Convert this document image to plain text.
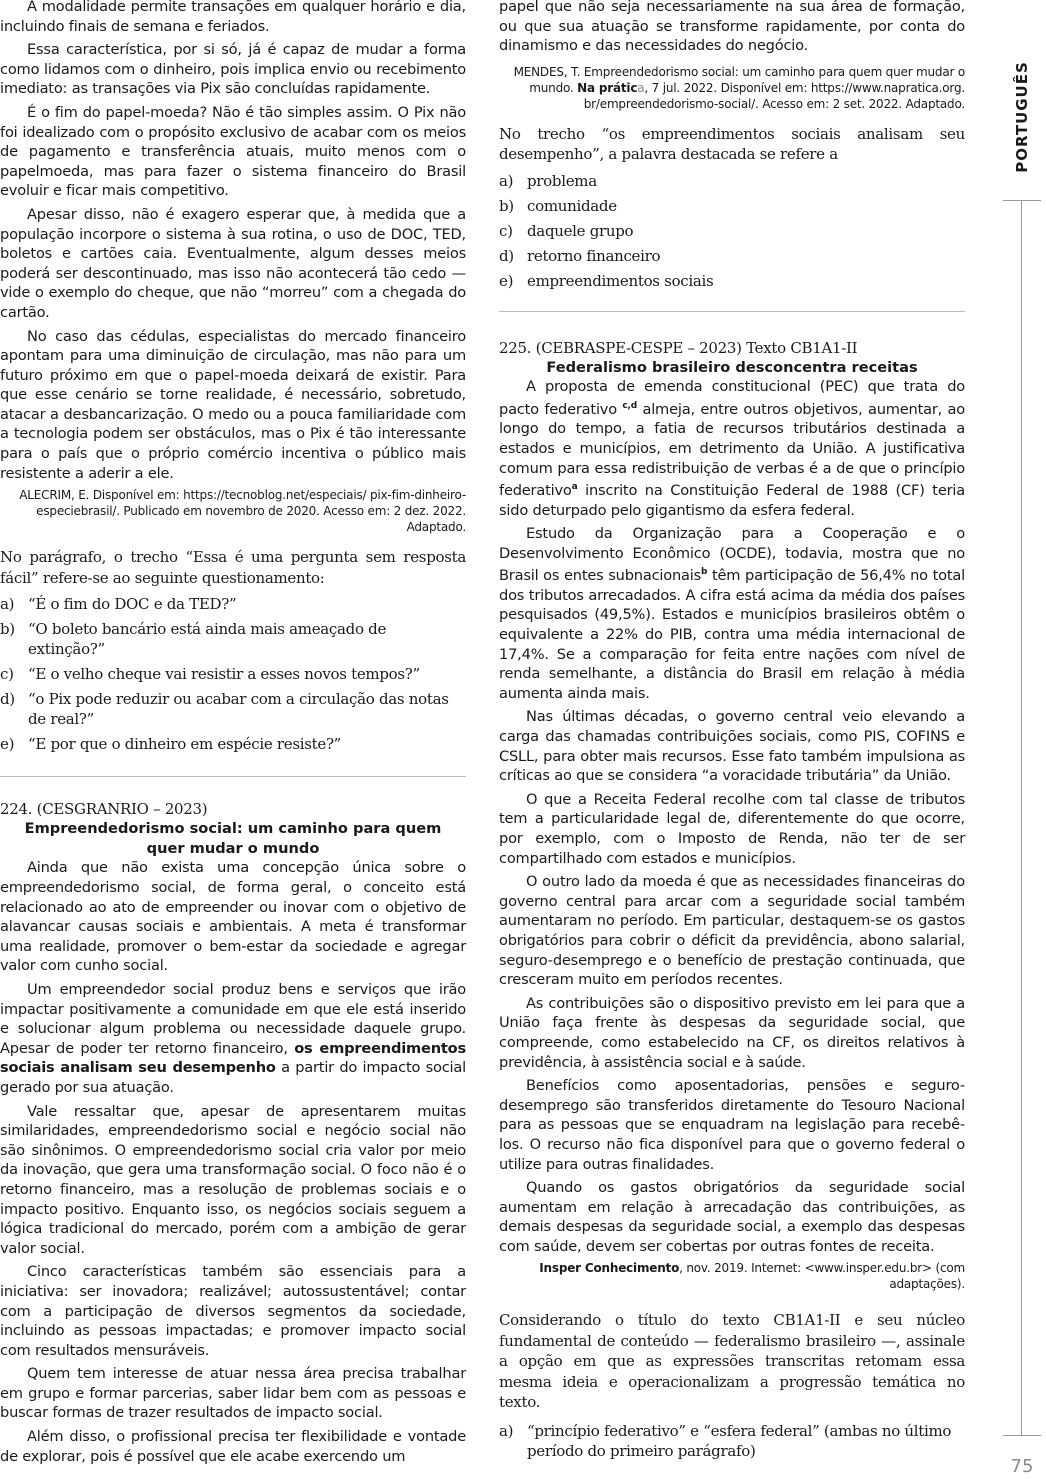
A modalidade permite transações em qualquer horário e dia, incluindo finais de semana e feriados.

Essa característica, por si só, já é capaz de mudar a forma como lidamos com o dinheiro, pois implica envio ou recebimento imediato: as transações via Pix são concluídas rapidamente.

É o fim do papel-moeda? Não é tão simples assim. O Pix não foi idealizado com o propósito exclusivo de acabar com os meios de pagamento e transferência atuais, muito menos com o papelmoeda, mas para fazer o sistema financeiro do Brasil evoluir e ficar mais competitivo.

Apesar disso, não é exagero esperar que, à medida que a população incorpore o sistema à sua rotina, o uso de DOC, TED, boletos e cartões caia. Eventualmente, algum desses meios poderá ser descontinuado, mas isso não acontecerá tão cedo — vide o exemplo do cheque, que não “morreu” com a chegada do cartão.

No caso das cédulas, especialistas do mercado financeiro apontam para uma diminuição de circulação, mas não para um futuro próximo em que o papel-moeda deixará de existir. Para que esse cenário se torne realidade, é necessário, sobretudo, atacar a desbancarização. O medo ou a pouca familiaridade com a tecnologia podem ser obstáculos, mas o Pix é tão interessante para o país que o próprio comércio incentiva o público mais resistente a aderir a ele.

ALECRIM, E. Disponível em: https://tecnoblog.net/especiais/ pix-fim-dinheiro-especiebrasil/. Publicado em novembro de 2020. Acesso em: 2 dez. 2022. Adaptado.

No parágrafo, o trecho “Essa é uma pergunta sem resposta fácil” refere-se ao seguinte questionamento:

a) “É o fim do DOC e da TED?”
b) “O boleto bancário está ainda mais ameaçado de extinção?”
c) “E o velho cheque vai resistir a esses novos tempos?”
d) “o Pix pode reduzir ou acabar com a circulação das notas de real?”
e) “E por que o dinheiro em espécie resiste?”

224. (CESGRANRIO – 2023)

Empreendedorismo social: um caminho para quem quer mudar o mundo

Ainda que não exista uma concepção única sobre o empreendedorismo social, de forma geral, o conceito está relacionado ao ato de empreender ou inovar com o objetivo de alavancar causas sociais e ambientais. A meta é transformar uma realidade, promover o bem-estar da sociedade e agregar valor com cunho social.

Um empreendedor social produz bens e serviços que irão impactar positivamente a comunidade em que ele está inserido e solucionar algum problema ou necessidade daquele grupo. Apesar de poder ter retorno financeiro, os empreendimentos sociais analisam seu desempenho a partir do impacto social gerado por sua atuação.

Vale ressaltar que, apesar de apresentarem muitas similaridades, empreendedorismo social e negócio social não são sinônimos. O empreendedorismo social cria valor por meio da inovação, que gera uma transformação social. O foco não é o retorno financeiro, mas a resolução de problemas sociais e o impacto positivo. Enquanto isso, os negócios sociais seguem a lógica tradicional do mercado, porém com a ambição de gerar valor social.

Cinco características também são essenciais para a iniciativa: ser inovadora; realizável; autossustentável; contar com a participação de diversos segmentos da sociedade, incluindo as pessoas impactadas; e promover impacto social com resultados mensuráveis.

Quem tem interesse de atuar nessa área precisa trabalhar em grupo e formar parcerias, saber lidar bem com as pessoas e buscar formas de trazer resultados de impacto social.

Além disso, o profissional precisa ter flexibilidade e vontade de explorar, pois é possível que ele acabe exercendo um

papel que não seja necessariamente na sua área de formação, ou que sua atuação se transforme rapidamente, por conta do dinamismo e das necessidades do negócio.

MENDES, T. Empreendedorismo social: um caminho para quem quer mudar o mundo. Na prática, 7 jul. 2022. Disponível em: https://www.napratica.org. br/empreendedorismo-social/. Acesso em: 2 set. 2022. Adaptado.

No trecho “os empreendimentos sociais analisam seu desempenho”, a palavra destacada se refere a

a) problema
b) comunidade
c) daquele grupo
d) retorno financeiro
e) empreendimentos sociais

225. (CEBRASPE-CESPE – 2023) Texto CB1A1-II

Federalismo brasileiro desconcentra receitas

A proposta de emenda constitucional (PEC) que trata do pacto federativo $^{c,d}$ almeja, entre outros objetivos, aumentar, ao longo do tempo, a fatia de recursos tributários destinada a estados e municípios, em detrimento da União. A justificativa comum para essa redistribuição de verbas é a de que o princípio federativo$^a$ inscrito na Constituição Federal de 1988 (CF) teria sido deturpado pelo gigantismo da esfera federal.

Estudo da Organização para a Cooperação e o Desenvolvimento Econômico (OCDE), todavia, mostra que no Brasil os entes subnacionais$^b$ têm participação de 56,4% no total dos tributos arrecadados. A cifra está acima da média dos países pesquisados (49,5%). Estados e municípios brasileiros obtêm o equivalente a 22% do PIB, contra uma média internacional de 17,4%. Se a comparação for feita entre nações com nível de renda semelhante, a distância do Brasil em relação à média aumenta ainda mais.

Nas últimas décadas, o governo central veio elevando a carga das chamadas contribuições sociais, como PIS, COFINS e CSLL, para obter mais recursos. Esse fato também impulsiona as críticas ao que se considera “a voracidade tributária” da União.

O que a Receita Federal recolhe com tal classe de tributos tem a particularidade legal de, diferentemente do que ocorre, por exemplo, com o Imposto de Renda, não ter de ser compartilhado com estados e municípios.

O outro lado da moeda é que as necessidades financeiras do governo central para arcar com a seguridade social também aumentaram no período. Em particular, destaquem-se os gastos obrigatórios para cobrir o déficit da previdência, abono salarial, seguro-desemprego e o benefício de prestação continuada, que cresceram muito em períodos recentes.

As contribuições são o dispositivo previsto em lei para que a União faça frente às despesas da seguridade social, que compreende, como estabelecido na CF, os direitos relativos à previdência, à assistência social e à saúde.

Benefícios como aposentadorias, pensões e seguro-desemprego são transferidos diretamente do Tesouro Nacional para as pessoas que se enquadram na legislação para recebê-los. O recurso não fica disponível para que o governo federal o utilize para outras finalidades.

Quando os gastos obrigatórios da seguridade social aumentam em relação à arrecadação das contribuições, as demais despesas da seguridade social, a exemplo das despesas com saúde, devem ser cobertas por outras fontes de receita.

Insper Conhecimento, nov. 2019. Internet: <www.insper.edu.br> (com adaptações).

Considerando o título do texto CB1A1-II e seu núcleo fundamental de conteúdo — federalismo brasileiro —, assinale a opção em que as expressões transcritas retomam essa mesma ideia e operacionalizam a progressão temática no texto.

a) “princípio federativo” e “esfera federal” (ambas no último período do primeiro parágrafo)
PORTUGUÊS
75
